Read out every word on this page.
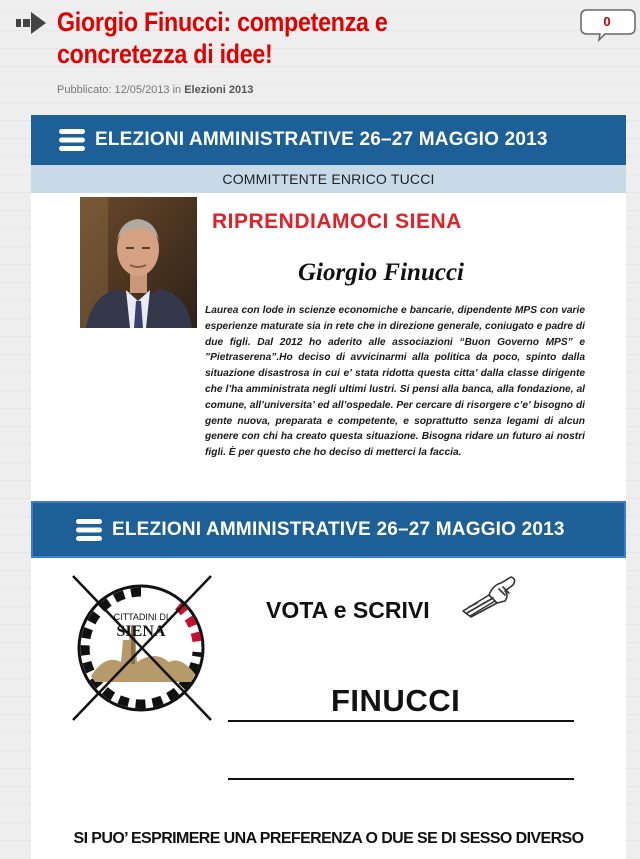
Giorgio Finucci: competenza e concretezza di idee!
0
Pubblicato: 12/05/2013 in Elezioni 2013
ELEZIONI AMMINISTRATIVE 26–27 MAGGIO 2013
COMMITTENTE ENRICO TUCCI
RIPRENDIAMOCI SIENA
Giorgio Finucci

Laurea con lode in scienze economiche e bancarie, dipendente MPS con varie esperienze maturate sia in rete che in direzione generale, coniugato e padre di due figli. Dal 2012 ho aderito alle associazioni “Buon Governo MPS” e ”Pietraserena”.Ho deciso di avvicinarmi alla politica da poco, spinto dalla situazione disastrosa in cui e’ stata ridotta questa citta’ dalla classe dirigente che l’ha amministrata negli ultimi lustri. Si pensi alla banca, alla fondazione, al comune, all’universita’ ed all’ospedale. Per cercare di risorgere c’e’ bisogno di gente nuova, preparata e competente, e soprattutto senza legami di alcun genere con chi ha creato questa situazione. Bisogna ridare un futuro ai nostri figli. È per questo che ho deciso di metterci la faccia.

ELEZIONI AMMINISTRATIVE 26–27 MAGGIO 2013
CITTADINI DI
SIENA
VOTA e SCRIVI
FINUCCI
SI PUO’ ESPRIMERE UNA PREFERENZA O DUE SE DI SESSO DIVERSO
